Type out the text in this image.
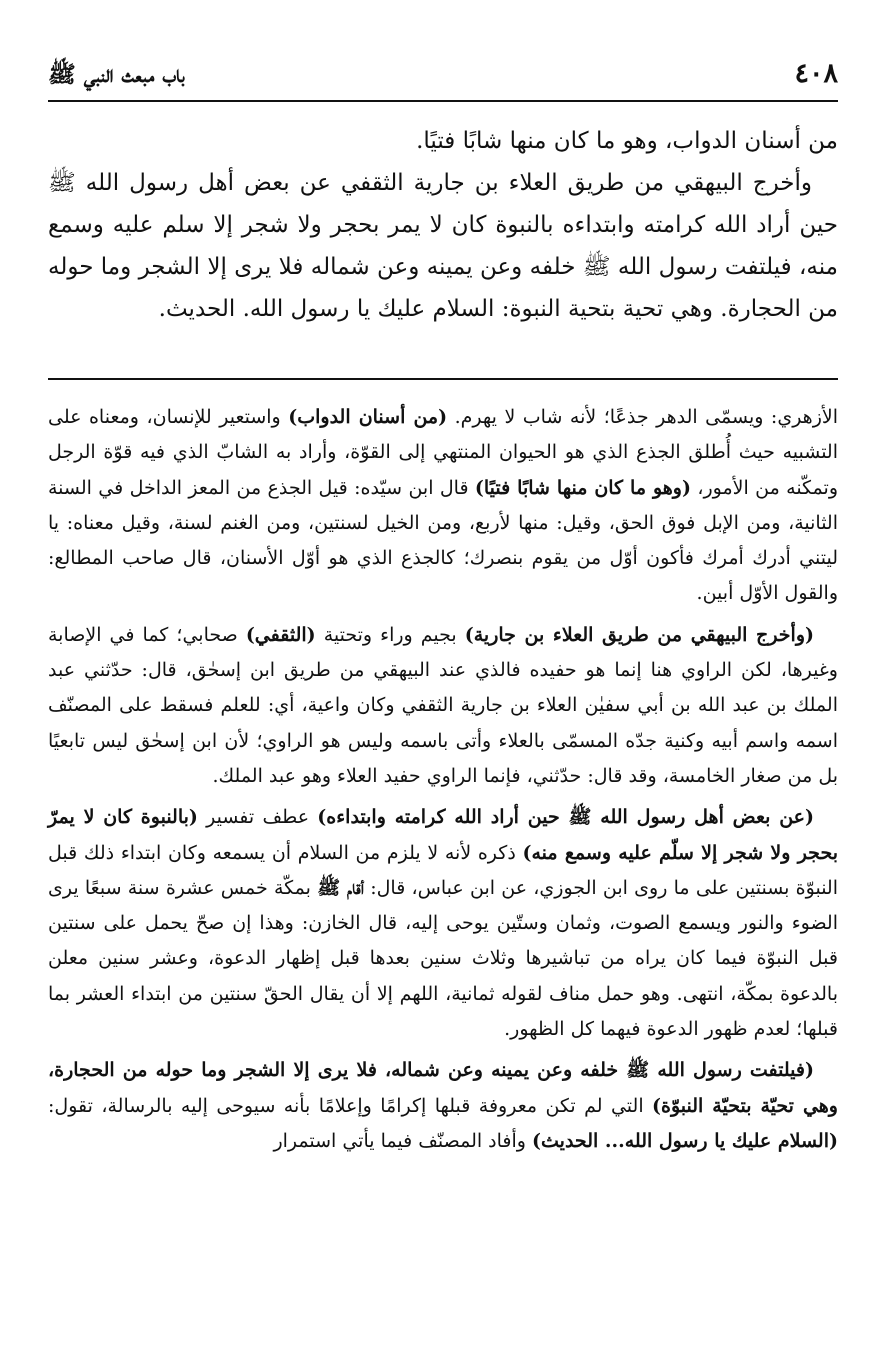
٤٠٨
باب مبعث النبي ﷺ

من أسنان الدواب، وهو ما كان منها شابًا فتيًا.

وأخرج البيهقي من طريق العلاء بن جارية الثقفي عن بعض أهل رسول الله ﷺ حين أراد الله كرامته وابتداءه بالنبوة كان لا يمر بحجر ولا شجر إلا سلم عليه وسمع منه، فيلتفت رسول الله ﷺ خلفه وعن يمينه وعن شماله فلا يرى إلا الشجر وما حوله من الحجارة. وهي تحية بتحية النبوة: السلام عليك يا رسول الله. الحديث.

الأزهري: ويسمّى الدهر جذعًا؛ لأنه شاب لا يهرم. (من أسنان الدواب) واستعير للإنسان، ومعناه على التشبيه حيث أُطلق الجذع الذي هو الحيوان المنتهي إلى القوّة، وأراد به الشابّ الذي فيه قوّة الرجل وتمكّنه من الأمور، (وهو ما كان منها شابًا فتيًا) قال ابن سيّده: قيل الجذع من المعز الداخل في السنة الثانية، ومن الإبل فوق الحق، وقيل: منها لأربع، ومن الخيل لسنتين، ومن الغنم لسنة، وقيل معناه: يا ليتني أدرك أمرك فأكون أوّل من يقوم بنصرك؛ كالجذع الذي هو أوّل الأسنان، قال صاحب المطالع: والقول الأوّل أبين.

(وأخرج البيهقي من طريق العلاء بن جارية) بجيم وراء وتحتية (الثقفي) صحابي؛ كما في الإصابة وغيرها، لكن الراوي هنا إنما هو حفيده فالذي عند البيهقي من طريق ابن إسحٰق، قال: حدّثني عبد الملك بن عبد الله بن أبي سفيٰن العلاء بن جارية الثقفي وكان واعية، أي: للعلم فسقط على المصنّف اسمه واسم أبيه وكنية جدّه المسمّى بالعلاء وأتى باسمه وليس هو الراوي؛ لأن ابن إسحٰق ليس تابعيًا بل من صغار الخامسة، وقد قال: حدّثني، فإنما الراوي حفيد العلاء وهو عبد الملك.

(عن بعض أهل رسول الله ﷺ حين أراد الله كرامته وابتداءه) عطف تفسير (بالنبوة كان لا يمرّ بحجر ولا شجر إلا سلّم عليه وسمع منه) ذكره لأنه لا يلزم من السلام أن يسمعه وكان ابتداء ذلك قبل النبوّة بسنتين على ما روى ابن الجوزي، عن ابن عباس، قال: أقام ﷺ بمكّة خمس عشرة سنة سبعًا يرى الضوء والنور ويسمع الصوت، وثمان وستّين يوحى إليه، قال الخازن: وهذا إن صحّ يحمل على سنتين قبل النبوّة فيما كان يراه من تباشيرها وثلاث سنين بعدها قبل إظهار الدعوة، وعشر سنين معلن بالدعوة بمكّة، انتهى. وهو حمل مناف لقوله ثمانية، اللهم إلا أن يقال الحقّ سنتين من ابتداء العشر بما قبلها؛ لعدم ظهور الدعوة فيهما كل الظهور.

(فيلتفت رسول الله ﷺ خلفه وعن يمينه وعن شماله، فلا يرى إلا الشجر وما حوله من الحجارة، وهي تحيّة بتحيّة النبوّة) التي لم تكن معروفة قبلها إكرامًا وإعلامًا بأنه سيوحى إليه بالرسالة، تقول: (السلام عليك يا رسول الله... الحديث) وأفاد المصنّف فيما يأتي استمرار
